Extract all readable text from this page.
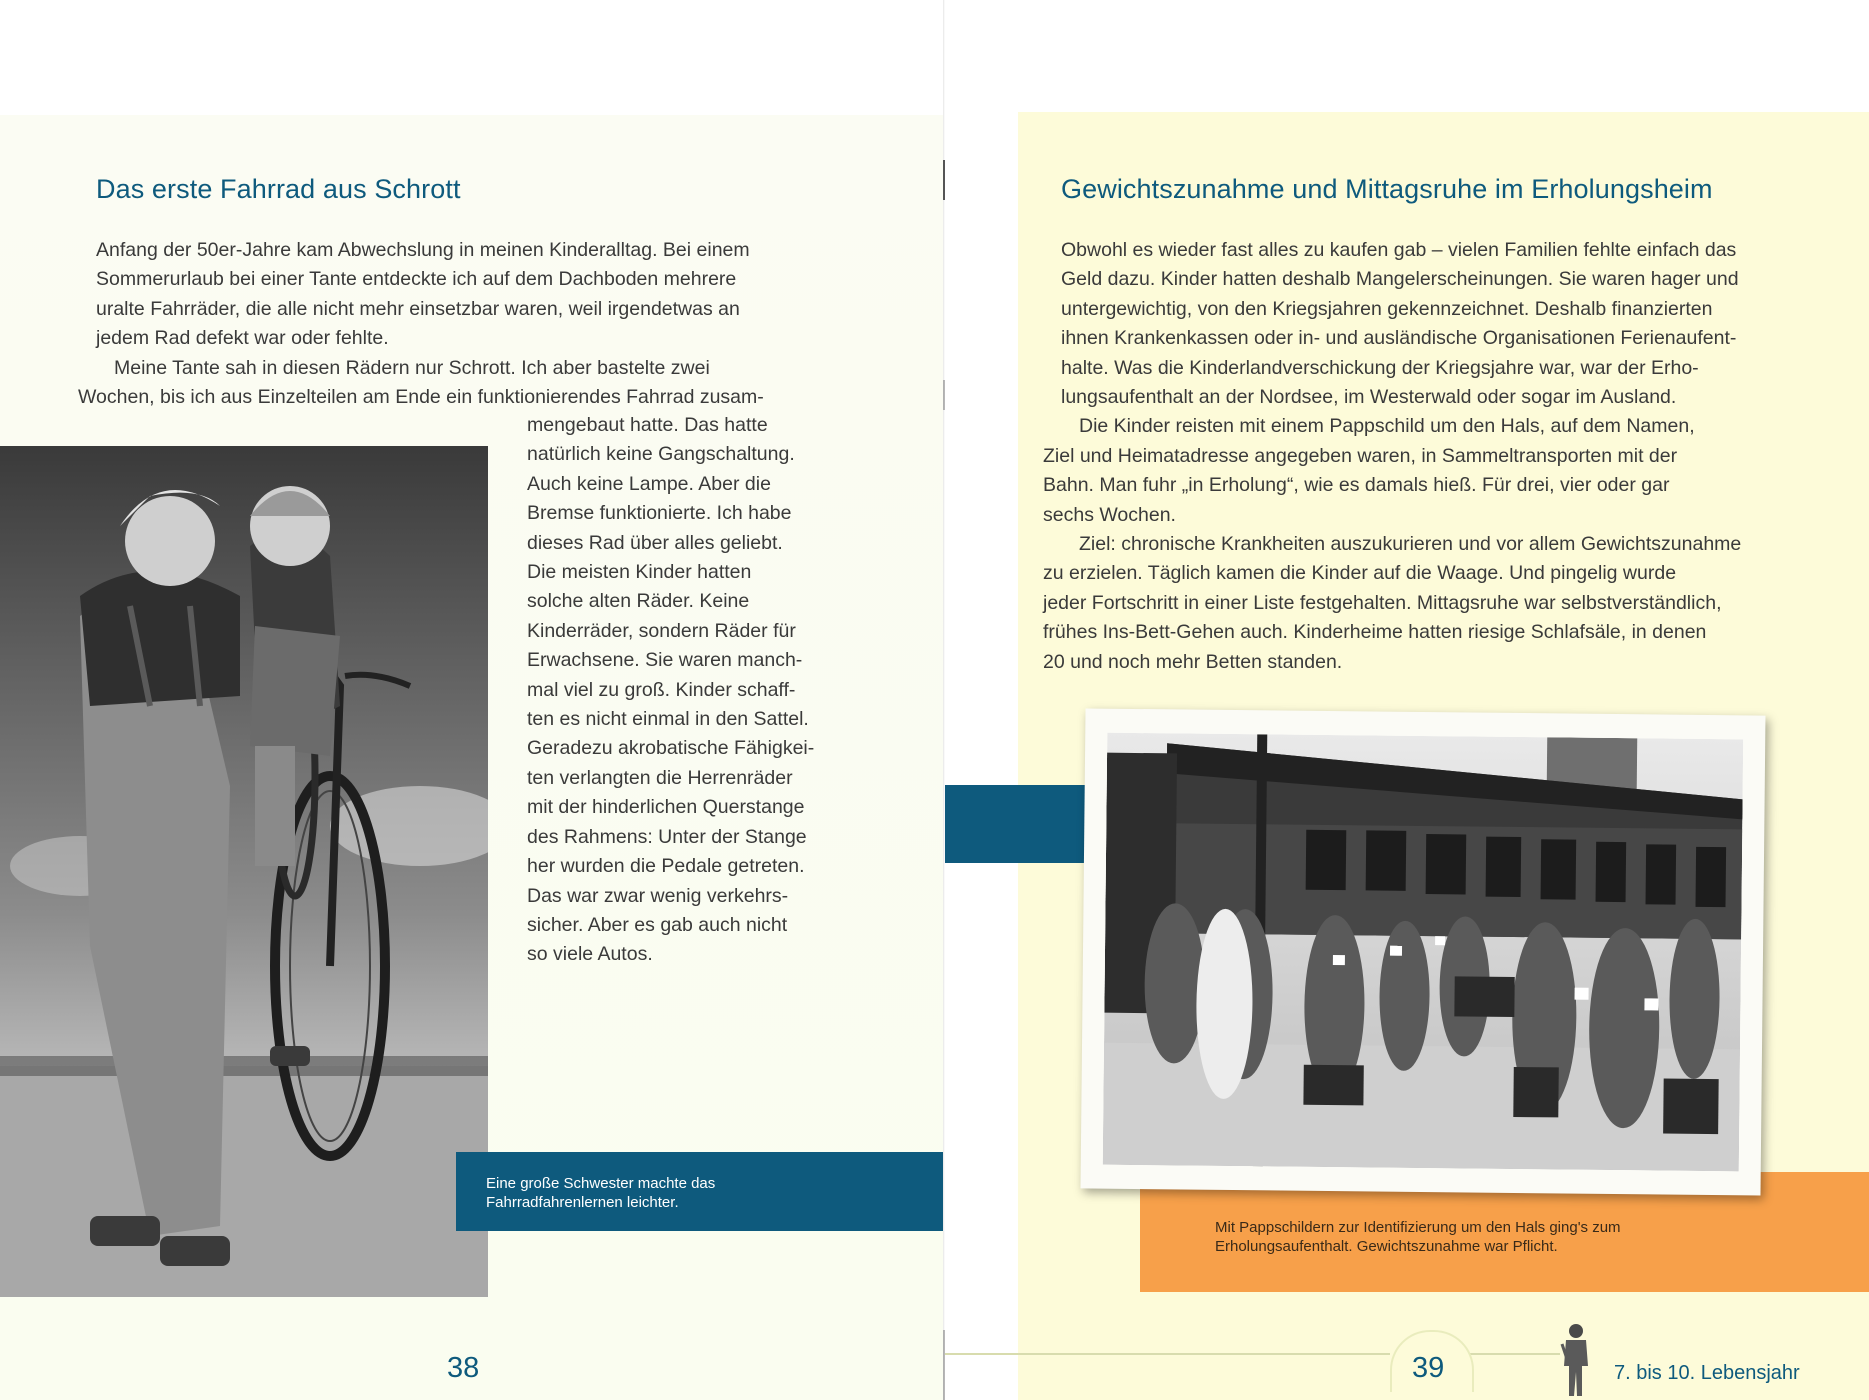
Das erste Fahrrad aus Schrott

Anfang der 50er-Jahre kam Abwechslung in meinen Kinderalltag. Bei einem
Sommerurlaub bei einer Tante entdeckte ich auf dem Dachboden mehrere
uralte Fahrräder, die alle nicht mehr einsetzbar waren, weil irgendetwas an
jedem Rad defekt war oder fehlte.

Meine Tante sah in diesen Rädern nur Schrott. Ich aber bastelte zwei
Wochen, bis ich aus Einzelteilen am Ende ein funktionierendes Fahrrad zusam-

mengebaut hatte. Das hatte
natürlich keine Gangschaltung.
Auch keine Lampe. Aber die
Bremse funktionierte. Ich habe
dieses Rad über alles geliebt.
Die meisten Kinder hatten
solche alten Räder. Keine
Kinderräder, sondern Räder für
Erwachsene. Sie waren manch-
mal viel zu groß. Kinder schaff-
ten es nicht einmal in den Sattel.
Geradezu akrobatische Fähigkei-
ten verlangten die Herrenräder
mit der hinderlichen Querstange
des Rahmens: Unter der Stange
her wurden die Pedale getreten.
Das war zwar wenig verkehrs-
sicher. Aber es gab auch nicht
so viele Autos.
Eine große Schwester machte das
Fahrradfahrenlernen leichter.
38
Gewichtszunahme und Mittagsruhe im Erholungsheim

Obwohl es wieder fast alles zu kaufen gab – vielen Familien fehlte einfach das
Geld dazu. Kinder hatten deshalb Mangelerscheinungen. Sie waren hager und
untergewichtig, von den Kriegsjahren gekennzeichnet. Deshalb finanzierten
ihnen Krankenkassen oder in- und ausländische Organisationen Ferienaufent-
halte. Was die Kinderlandverschickung der Kriegsjahre war, war der Erho-
lungsaufenthalt an der Nordsee, im Westerwald oder sogar im Ausland.

Die Kinder reisten mit einem Pappschild um den Hals, auf dem Namen,
Ziel und Heimatadresse angegeben waren, in Sammeltransporten mit der
Bahn. Man fuhr „in Erholung“, wie es damals hieß. Für drei, vier oder gar
sechs Wochen.

Ziel: chronische Krankheiten auszukurieren und vor allem Gewichtszunahme
zu erzielen. Täglich kamen die Kinder auf die Waage. Und pingelig wurde
jeder Fortschritt in einer Liste festgehalten. Mittagsruhe war selbstverständlich,
frühes Ins-Bett-Gehen auch. Kinderheime hatten riesige Schlafsäle, in denen
20 und noch mehr Betten standen.

Mit Pappschildern zur Identifizierung um den Hals ging's zum
Erholungsaufenthalt. Gewichtszunahme war Pflicht.
39	7. bis 10. Lebensjahr
